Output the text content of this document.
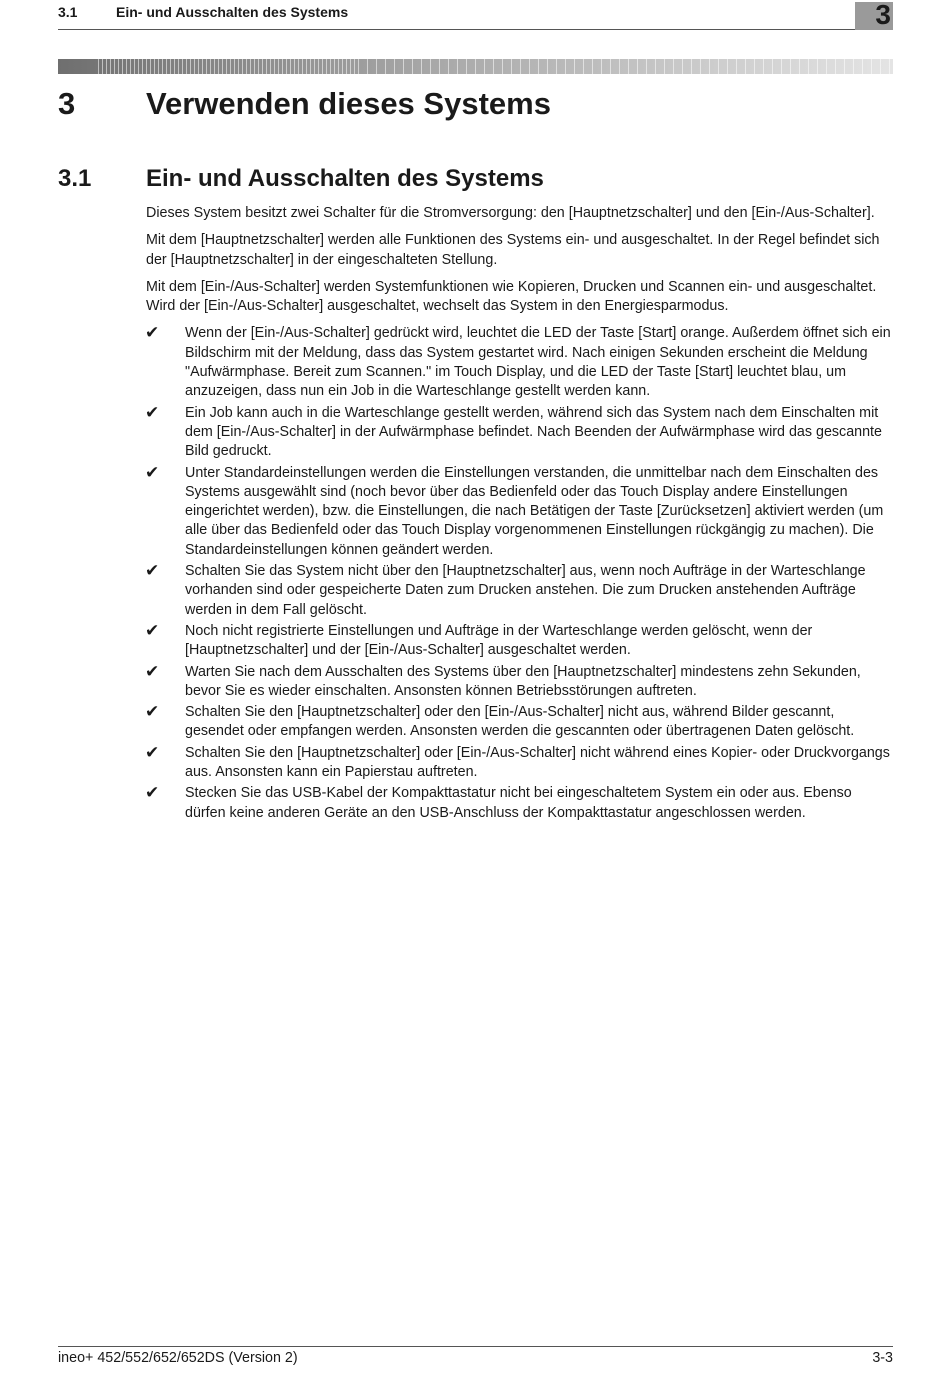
3.1	Ein- und Ausschalten des Systems	3
3 Verwenden dieses Systems
3.1 Ein- und Ausschalten des Systems

Dieses System besitzt zwei Schalter für die Stromversorgung: den [Hauptnetzschalter] und den [Ein-/Aus-Schalter].

Mit dem [Hauptnetzschalter] werden alle Funktionen des Systems ein- und ausgeschaltet. In der Regel befindet sich der [Hauptnetzschalter] in der eingeschalteten Stellung.

Mit dem [Ein-/Aus-Schalter] werden Systemfunktionen wie Kopieren, Drucken und Scannen ein- und ausgeschaltet. Wird der [Ein-/Aus-Schalter] ausgeschaltet, wechselt das System in den Energiesparmodus.

✔ Wenn der [Ein-/Aus-Schalter] gedrückt wird, leuchtet die LED der Taste [Start] orange. Außerdem öffnet sich ein Bildschirm mit der Meldung, dass das System gestartet wird. Nach einigen Sekunden erscheint die Meldung "Aufwärmphase. Bereit zum Scannen." im Touch Display, und die LED der Taste [Start] leuchtet blau, um anzuzeigen, dass nun ein Job in die Warteschlange gestellt werden kann.
✔ Ein Job kann auch in die Warteschlange gestellt werden, während sich das System nach dem Einschalten mit dem [Ein-/Aus-Schalter] in der Aufwärmphase befindet. Nach Beenden der Aufwärmphase wird das gescannte Bild gedruckt.
✔ Unter Standardeinstellungen werden die Einstellungen verstanden, die unmittelbar nach dem Einschalten des Systems ausgewählt sind (noch bevor über das Bedienfeld oder das Touch Display andere Einstellungen eingerichtet werden), bzw. die Einstellungen, die nach Betätigen der Taste [Zurücksetzen] aktiviert werden (um alle über das Bedienfeld oder das Touch Display vorgenommenen Einstellungen rückgängig zu machen). Die Standardeinstellungen können geändert werden.
✔ Schalten Sie das System nicht über den [Hauptnetzschalter] aus, wenn noch Aufträge in der Warteschlange vorhanden sind oder gespeicherte Daten zum Drucken anstehen. Die zum Drucken anstehenden Aufträge werden in dem Fall gelöscht.
✔ Noch nicht registrierte Einstellungen und Aufträge in der Warteschlange werden gelöscht, wenn der [Hauptnetzschalter] und der [Ein-/Aus-Schalter] ausgeschaltet werden.
✔ Warten Sie nach dem Ausschalten des Systems über den [Hauptnetzschalter] mindestens zehn Sekunden, bevor Sie es wieder einschalten. Ansonsten können Betriebsstörungen auftreten.
✔ Schalten Sie den [Hauptnetzschalter] oder den [Ein-/Aus-Schalter] nicht aus, während Bilder gescannt, gesendet oder empfangen werden. Ansonsten werden die gescannten oder übertragenen Daten gelöscht.
✔ Schalten Sie den [Hauptnetzschalter] oder [Ein-/Aus-Schalter] nicht während eines Kopier- oder Druckvorgangs aus. Ansonsten kann ein Papierstau auftreten.
✔ Stecken Sie das USB-Kabel der Kompakttastatur nicht bei eingeschaltetem System ein oder aus. Ebenso dürfen keine anderen Geräte an den USB-Anschluss der Kompakttastatur angeschlossen werden.
ineo+ 452/552/652/652DS (Version 2)	3-3
